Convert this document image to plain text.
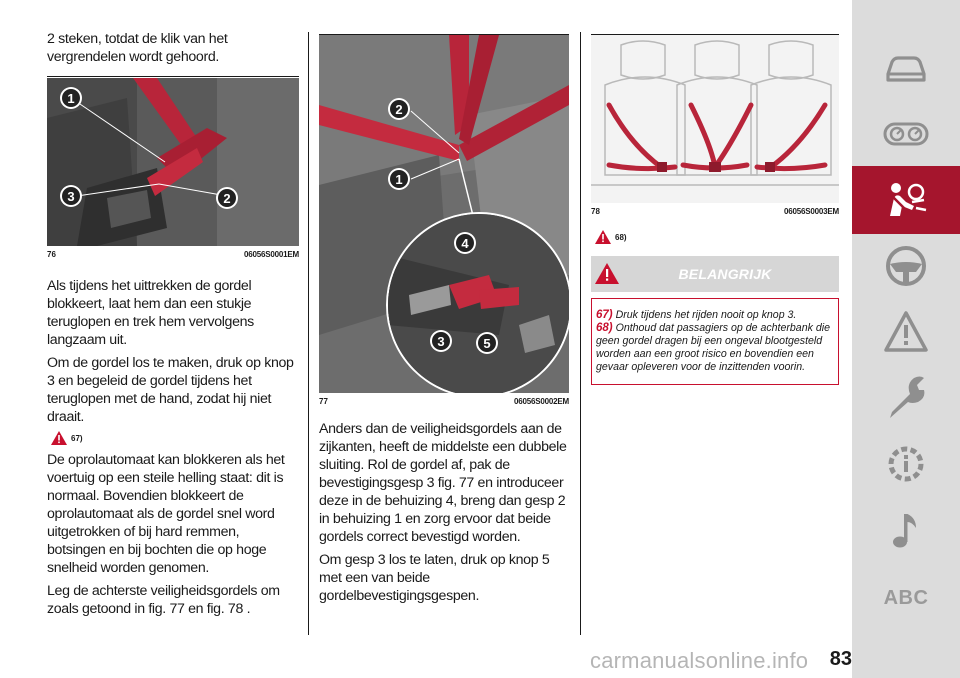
2 steken, totdat de klik van het vergrendelen wordt gehoord.

1
2
3
76	06056S0001EM

Als tijdens het uittrekken de gordel blokkeert, laat hem dan een stukje teruglopen en trek hem vervolgens langzaam uit.

Om de gordel los te maken, druk op knop 3 en begeleid de gordel tijdens het teruglopen met de hand, zodat hij niet draait.

67)

De oprolautomaat kan blokkeren als het voertuig op een steile helling staat: dit is normaal. Bovendien blokkeert de oprolautomaat als de gordel snel word uitgetrokken of bij hard remmen, botsingen en bij bochten die op hoge snelheid worden genomen.

Leg de achterste veiligheidsgordels om zoals getoond in fig. 77 en fig. 78 .

2
1
4
3	5
77	06056S0002EM

Anders dan de veiligheidsgordels aan de zijkanten, heeft de middelste een dubbele sluiting. Rol de gordel af, pak de bevestigingsgesp 3 fig. 77 en introduceer deze in de behuizing 4, breng dan gesp 2 in behuizing 1 en zorg ervoor dat beide gordels correct bevestigd worden.

Om gesp 3 los te laten, druk op knop 5 met een van beide gordelbevestigingsgespen.

78	06056S0003EM
68)
BELANGRIJK
67) Druk tijdens het rijden nooit op knop 3.
68) Onthoud dat passagiers op de achterbank die geen gordel dragen bij een ongeval blootgesteld worden aan een groot risico en bovendien een gevaar opleveren voor de inzittenden voorin.
ABC
carmanualsonline.info	83
